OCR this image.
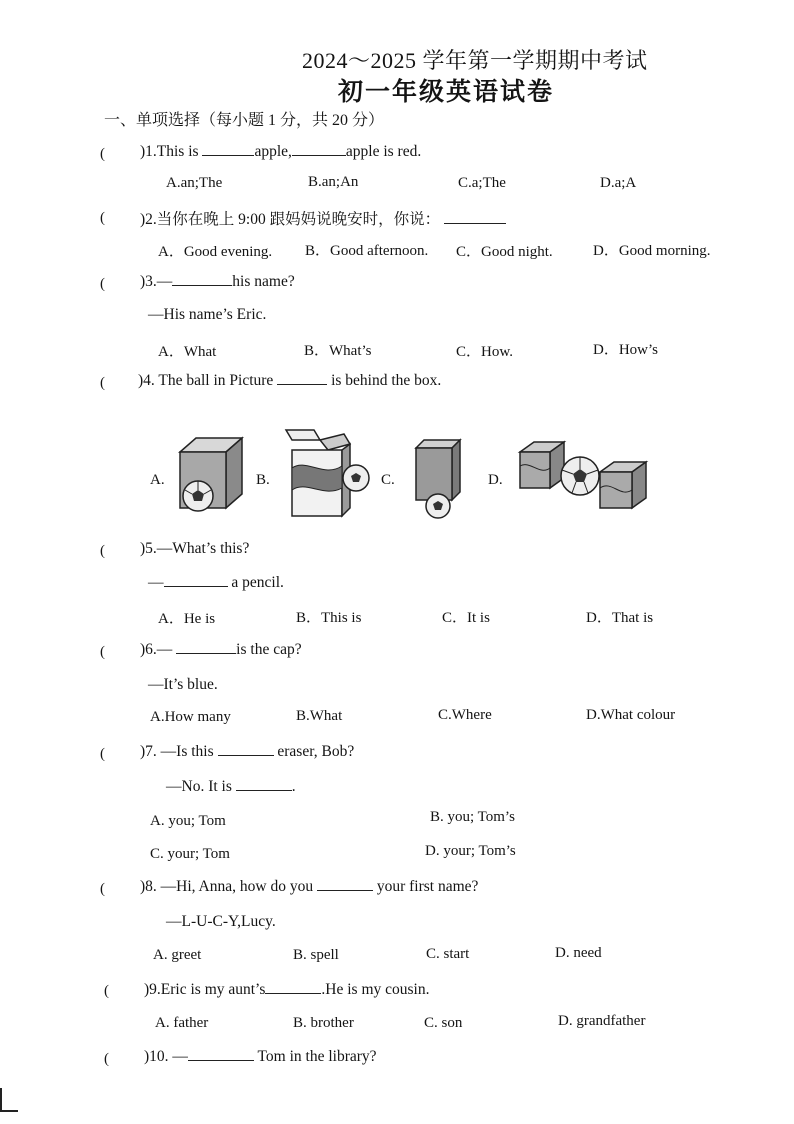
2024～2025 学年第一学期期中考试
初一年级英语试卷
一、单项选择（每小题 1 分，共 20 分）
( )1.This is	apple,	apple is red.
A.an;The	B.an;An	C.a;The	D.a;A
( )2.当你在晚上 9:00 跟妈妈说晚安时，你说：
A．Good evening. B．Good afternoon. C．Good night.	D．Good morning.
( )3.—	his name?
—His name’s Eric.
A．What	B．What’s	C．How.	D．How’s
( )4. The ball in Picture	is behind the box.
A.	B.	C.	D.
( )5.—What’s this?
—	a pencil.
A．He is	B．This is	C．It is	D．That is
( )6.—	is the cap?
—It’s blue.
A.How many	B.What	C.Where	D.What colour
( )7. —Is this	eraser, Bob?
—No. It is	.
A. you; Tom	B. you; Tom’s
C. your; Tom	D. your; Tom’s
( )8. —Hi, Anna, how do you	your first name?
—L-U-C-Y,Lucy.
A. greet	B. spell	C. start	D. need
( )9.Eric is my aunt’s	.He is my cousin.
A. father	B. brother	C. son	D. grandfather
( )10. —	Tom in the library?
